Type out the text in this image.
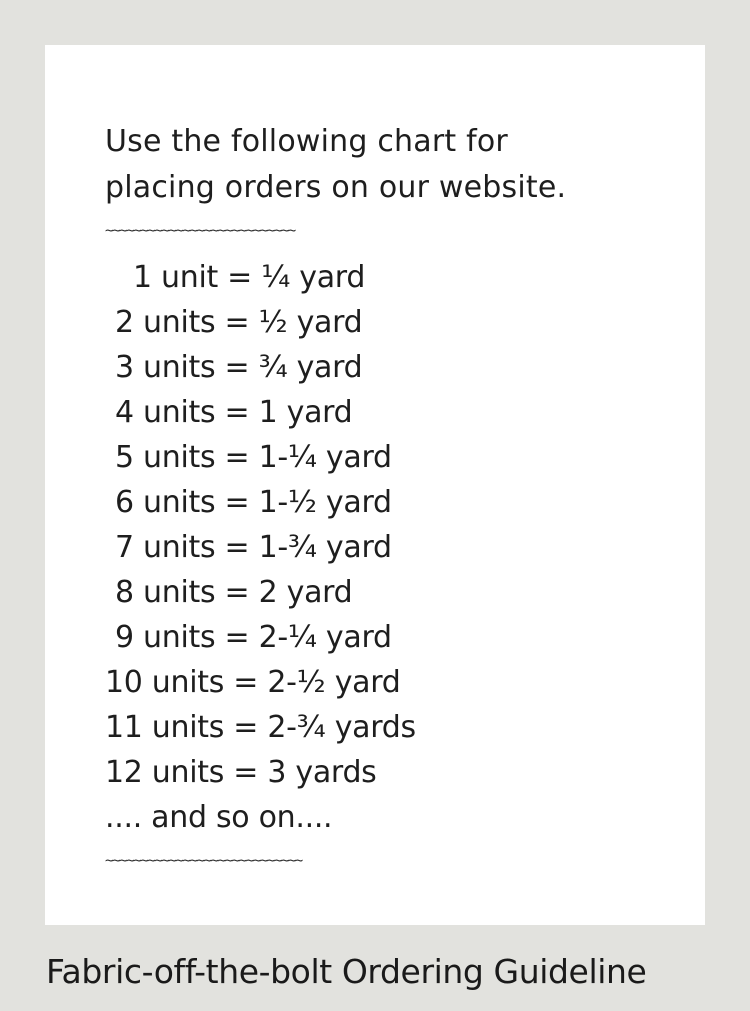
Use the following chart for
placing orders on our website.
~~~~~~~~~~~~~~~~~~~~~~~~~~~
1 unit = ¼ yard
2 units = ½ yard
3 units = ¾ yard
4 units = 1 yard
5 units = 1-¼ yard
6 units = 1-½ yard
7 units = 1-¾ yard
8 units = 2 yard
9 units = 2-¼ yard
10 units = 2-½ yard
11 units = 2-¾ yards
12 units = 3 yards
.... and so on....
~~~~~~~~~~~~~~~~~~~~~~~~~~~~

Fabric-off-the-bolt Ordering Guideline
